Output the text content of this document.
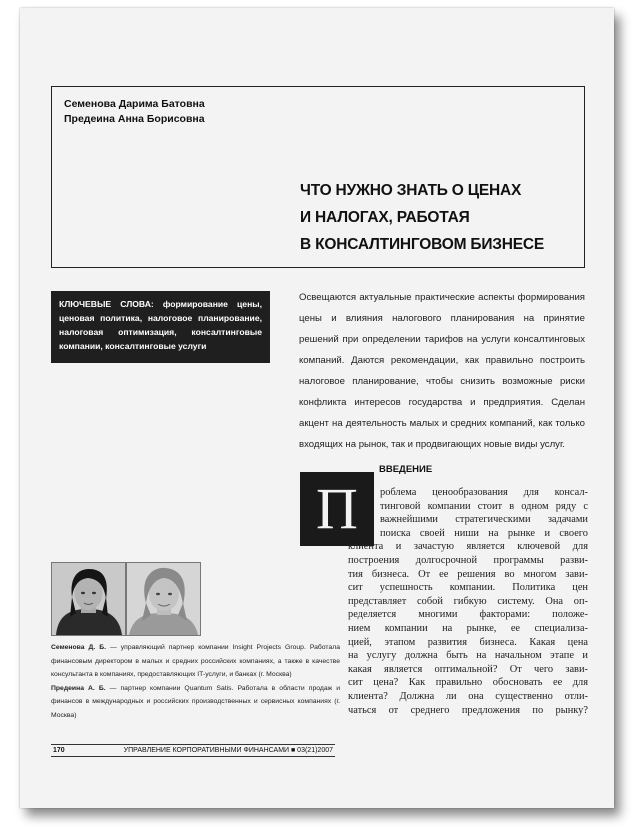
Семенова Дарима Батовна
Предеина Анна Борисовна
ЧТО НУЖНО ЗНАТЬ О ЦЕНАХ
И НАЛОГАХ, РАБОТАЯ
В КОНСАЛТИНГОВОМ БИЗНЕСЕ
КЛЮЧЕВЫЕ СЛОВА: формирование цены, ценовая политика, налоговое планирование, налоговая оптимизация, консалтинговые компании, консалтинговые услуги
Освещаются актуальные практические аспекты формирования цены и влияния налогового планирования на принятие решений при определении тарифов на услуги консалтинговых компаний. Даются рекомендации, как правильно построить налоговое планирование, чтобы снизить возможные риски конфликта интересов государства и предприятия. Сделан акцент на деятельность малых и средних компаний, как только входящих на рынок, так и продвигающих новые виды услуг.
ВВЕДЕНИЕ
П	роблема ценообразования для консал-
тинговой компании стоит в одном ряду с
важнейшими стратегическими задачами
поиска своей ниши на рынке и своего
клиента и зачастую является ключевой для
построения долгосрочной программы разви-
тия бизнеса. От ее решения во многом зави-
сит успешность компании. Политика цен
представляет собой гибкую систему. Она оп-
ределяется многими факторами: положе-
нием компании на рынке, ее специализа-
цией, этапом развития бизнеса. Какая цена
на услугу должна быть на начальном этапе и
какая является оптимальной? От чего зави-
сит цена? Как правильно обосновать ее для
клиента? Должна ли она существенно отли-
чаться от среднего предложения по рынку?
Семенова Д. Б. — управляющий партнер компании Insight Projects Group. Работала финансовым директором в малых и средних российских компаниях, а также в качестве консультанта в компаниях, предоставляющих IT-услуги, и банках (г. Москва)
Предеина А. Б. — партнер компании Quantum Satis. Работала в области продаж и финансов в международных и российских производственных и сервисных компаниях (г. Москва)
170	УПРАВЛЕНИЕ КОРПОРАТИВНЫМИ ФИНАНСАМИ ■ 03(21)2007
